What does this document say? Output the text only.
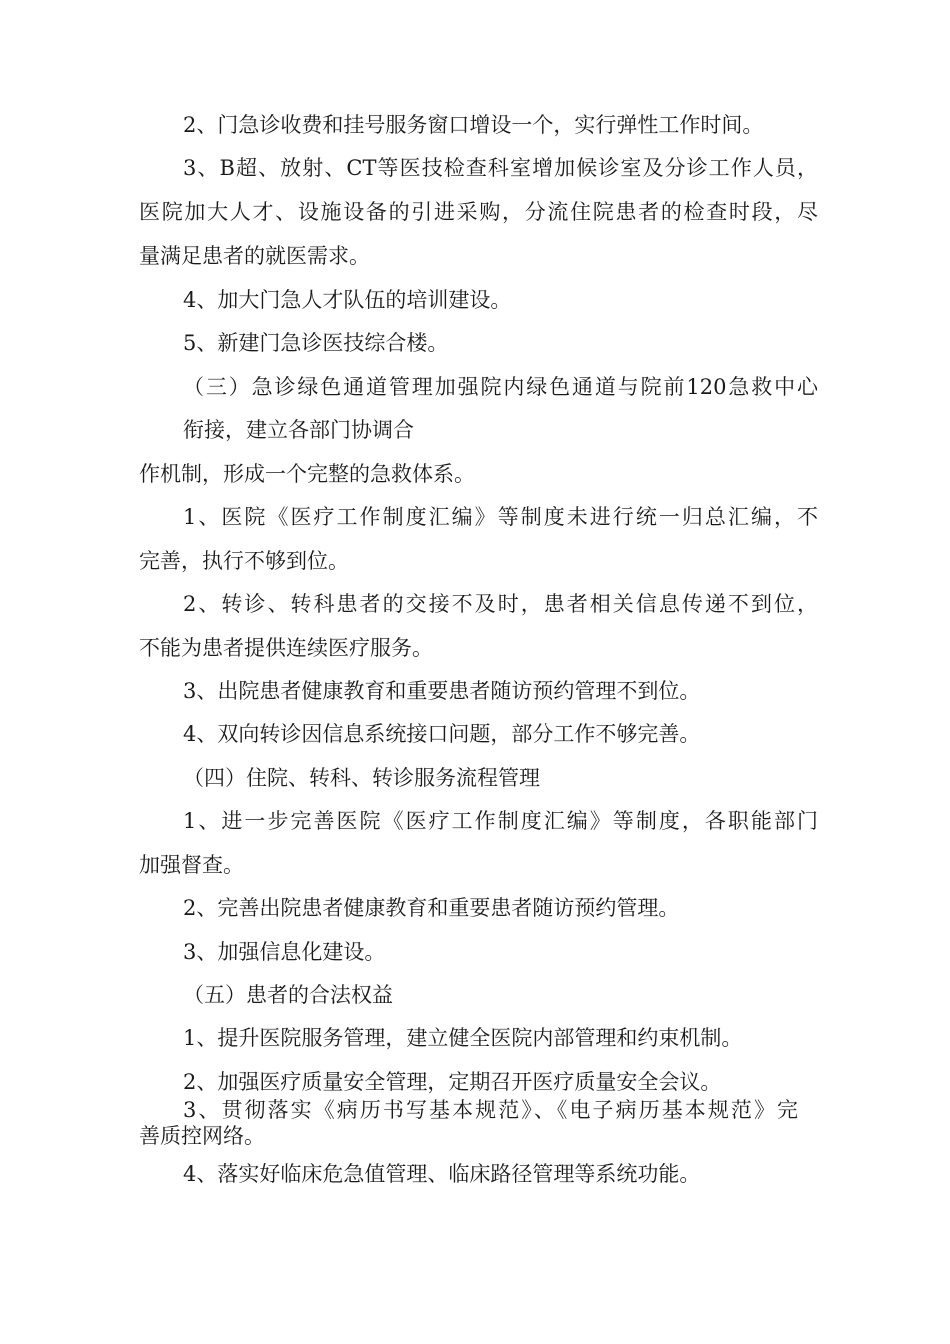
2、门急诊收费和挂号服务窗口增设一个，实行弹性工作时间。
3、B超、放射、CT等医技检查科室增加候诊室及分诊工作人员，
医院加大人才、设施设备的引进采购，分流住院患者的检查时段，尽
量满足患者的就医需求。
4、加大门急人才队伍的培训建设。
5、新建门急诊医技综合楼。
（三）急诊绿色通道管理加强院内绿色通道与院前120急救中心
衔接，建立各部门协调合
作机制，形成一个完整的急救体系。
1、医院《医疗工作制度汇编》等制度未进行统一归总汇编，不
完善，执行不够到位。
2、转诊、转科患者的交接不及时，患者相关信息传递不到位，
不能为患者提供连续医疗服务。
3、出院患者健康教育和重要患者随访预约管理不到位。
4、双向转诊因信息系统接口问题，部分工作不够完善。
（四）住院、转科、转诊服务流程管理
1、进一步完善医院《医疗工作制度汇编》等制度，各职能部门
加强督查。
2、完善出院患者健康教育和重要患者随访预约管理。
3、加强信息化建设。
（五）患者的合法权益
1、提升医院服务管理，建立健全医院内部管理和约束机制。
2、加强医疗质量安全管理，定期召开医疗质量安全会议。
3、贯彻落实《病历书写基本规范》、《电子病历基本规范》完
善质控网络。
4、落实好临床危急值管理、临床路径管理等系统功能。
